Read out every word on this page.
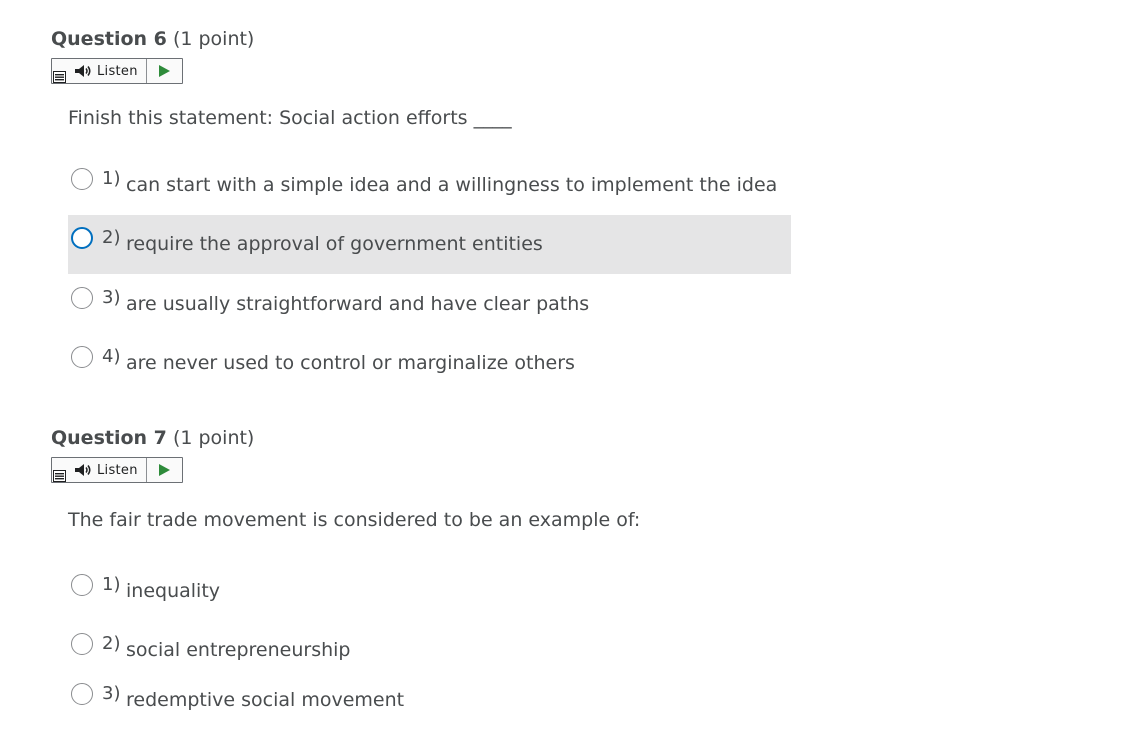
Question 6 (1 point)
Listen
Finish this statement: Social action efforts ____
1) can start with a simple idea and a willingness to implement the idea
2) require the approval of government entities
3) are usually straightforward and have clear paths
4) are never used to control or marginalize others
Question 7 (1 point)
Listen
The fair trade movement is considered to be an example of:
1) inequality
2) social entrepreneurship
3) redemptive social movement
